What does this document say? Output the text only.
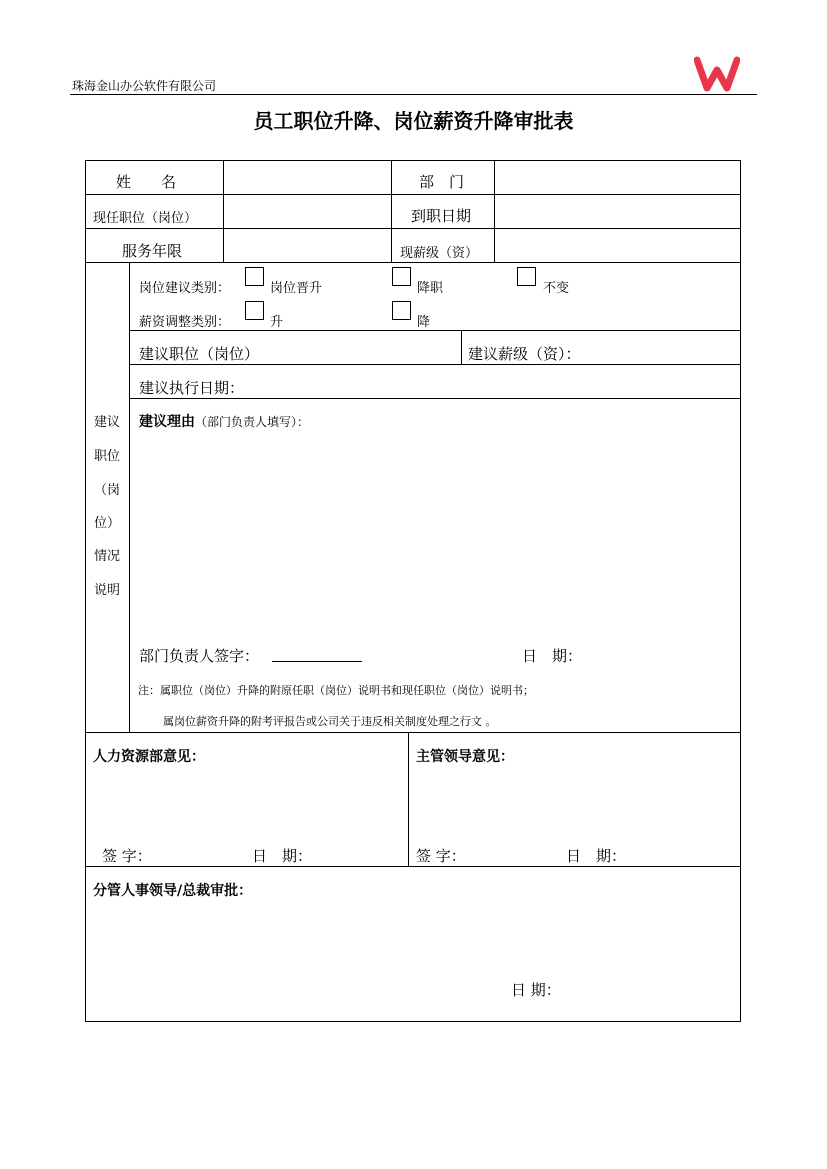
珠海金山办公软件有限公司
员工职位升降、岗位薪资升降审批表
姓　　名	部　门
现任职位（岗位）	到职日期
服务年限	现薪级（资）
建议
职位
（岗
位）
情况
说明
岗位建议类别：	岗位晋升	降职	不变
薪资调整类别：	升	降
建议职位（岗位）	建议薪级（资）：
建议执行日期：
建议理由（部门负责人填写）：
部门负责人签字：	日　期：
注：属职位（岗位）升降的附原任职（岗位）说明书和现任职位（岗位）说明书；
属岗位薪资升降的附考评报告或公司关于违反相关制度处理之行文 。
人力资源部意见：
签 字：	日　期：
主管领导意见：
签 字：	日　期：
分管人事领导/总裁审批：
日 期：
